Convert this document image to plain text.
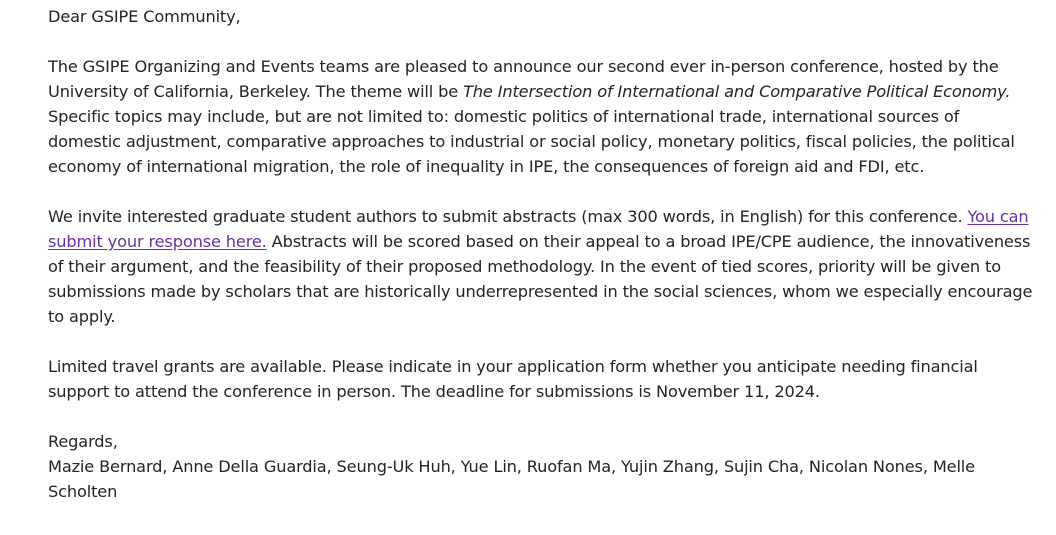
Dear GSIPE Community,

The GSIPE Organizing and Events teams are pleased to announce our second ever in-person conference, hosted by the University of California, Berkeley. The theme will be The Intersection of International and Comparative Political Economy. Specific topics may include, but are not limited to: domestic politics of international trade, international sources of domestic adjustment, comparative approaches to industrial or social policy, monetary politics, fiscal policies, the political economy of international migration, the role of inequality in IPE, the consequences of foreign aid and FDI, etc.

We invite interested graduate student authors to submit abstracts (max 300 words, in English) for this conference. You can submit your response here. Abstracts will be scored based on their appeal to a broad IPE/CPE audience, the innovativeness of their argument, and the feasibility of their proposed methodology. In the event of tied scores, priority will be given to submissions made by scholars that are historically underrepresented in the social sciences, whom we especially encourage to apply.

Limited travel grants are available. Please indicate in your application form whether you anticipate needing financial support to attend the conference in person. The deadline for submissions is November 11, 2024.

Regards,
Mazie Bernard, Anne Della Guardia, Seung-Uk Huh, Yue Lin, Ruofan Ma, Yujin Zhang, Sujin Cha, Nicolan Nones, Melle Scholten
